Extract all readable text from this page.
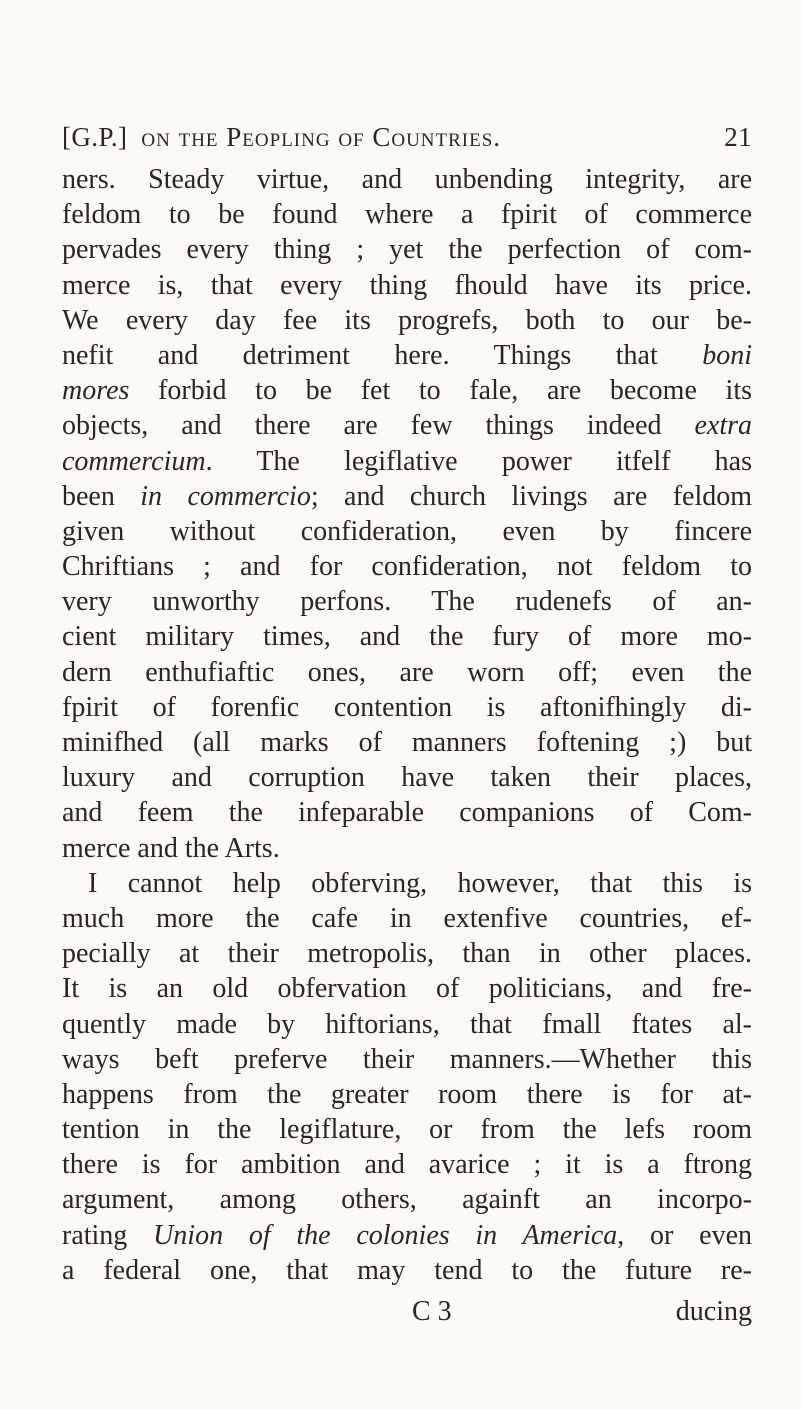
[G.P.] on the Peopling of Countries.	21
ners. Steady virtue, and unbending integrity, are
feldom to be found where a fpirit of commerce
pervades every thing ; yet the perfection of com-
merce is, that every thing fhould have its price.
We every day fee its progrefs, both to our be-
nefit and detriment here. Things that boni
mores forbid to be fet to fale, are become its
objects, and there are few things indeed extra
commercium. The legiflative power itfelf has
been in commercio; and church livings are feldom
given without confideration, even by fincere
Chriftians ; and for confideration, not feldom to
very unworthy perfons. The rudenefs of an-
cient military times, and the fury of more mo-
dern enthufiaftic ones, are worn off; even the
fpirit of forenfic contention is aftonifhingly di-
minifhed (all marks of manners foftening ;) but
luxury and corruption have taken their places,
and feem the infeparable companions of Com-
merce and the Arts.
I cannot help obferving, however, that this is
much more the cafe in extenfive countries, ef-
pecially at their metropolis, than in other places.
It is an old obfervation of politicians, and fre-
quently made by hiftorians, that fmall ftates al-
ways beft preferve their manners.—Whether this
happens from the greater room there is for at-
tention in the legiflature, or from the lefs room
there is for ambition and avarice ; it is a ftrong
argument, among others, againft an incorpo-
rating Union of the colonies in America, or even
a federal one, that may tend to the future re-
C 3	ducing
